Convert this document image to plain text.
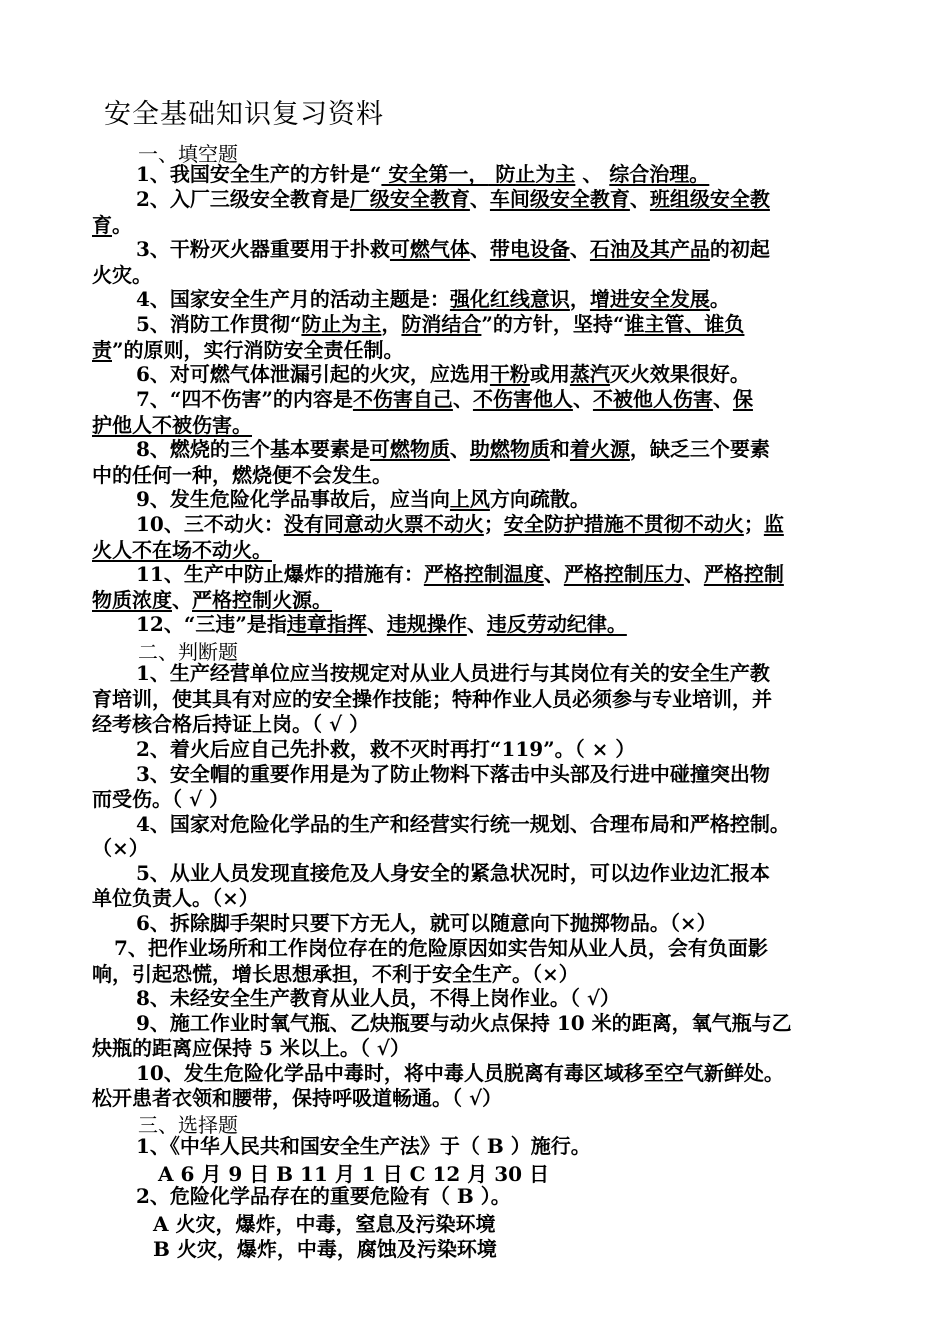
安全基础知识复习资料
一、填空题
1、我国安全生产的方针是“ 安全第一， 防止为主 、 综合治理。
2、入厂三级安全教育是厂级安全教育、车间级安全教育、班组级安全教
育。
3、干粉灭火器重要用于扑救可燃气体、带电设备、石油及其产品的初起
火灾。
4、国家安全生产月的活动主题是：强化红线意识，增进安全发展。
5、消防工作贯彻“防止为主，防消结合”的方针，坚持“谁主管、谁负
责”的原则，实行消防安全责任制。
6、对可燃气体泄漏引起的火灾，应选用干粉或用蒸汽灭火效果很好。
7、“四不伤害”的内容是不伤害自己、不伤害他人、不被他人伤害、保
护他人不被伤害。
8、燃烧的三个基本要素是可燃物质、助燃物质和着火源，缺乏三个要素
中的任何一种，燃烧便不会发生。
9、发生危险化学品事故后，应当向上风方向疏散。
10、三不动火：没有同意动火票不动火；安全防护措施不贯彻不动火；监
火人不在场不动火。
11、生产中防止爆炸的措施有：严格控制温度、严格控制压力、严格控制
物质浓度、严格控制火源。
12、“三违”是指违章指挥、违规操作、违反劳动纪律。
二、判断题
1、生产经营单位应当按规定对从业人员进行与其岗位有关的安全生产教
育培训，使其具有对应的安全操作技能；特种作业人员必须参与专业培训，并
经考核合格后持证上岗。（ √ ）
2、着火后应自己先扑救，救不灭时再打“119”。（ × ）
3、安全帽的重要作用是为了防止物料下落击中头部及行进中碰撞突出物
而受伤。（ √ ）
4、国家对危险化学品的生产和经营实行统一规划、合理布局和严格控制。
（×）
5、从业人员发现直接危及人身安全的紧急状况时，可以边作业边汇报本
单位负责人。（×）
6、拆除脚手架时只要下方无人，就可以随意向下抛掷物品。（×）
7、把作业场所和工作岗位存在的危险原因如实告知从业人员，会有负面影
响，引起恐慌，增长思想承担，不利于安全生产。（×）
8、未经安全生产教育从业人员，不得上岗作业。（ √）
9、施工作业时氧气瓶、乙炔瓶要与动火点保持 10 米的距离，氧气瓶与乙
炔瓶的距离应保持 5 米以上。（ √）
10、发生危险化学品中毒时，将中毒人员脱离有毒区域移至空气新鲜处。
松开患者衣领和腰带，保持呼吸道畅通。（ √）
三、选择题
1、《中华人民共和国安全生产法》于（ B ）施行。
A 6 月 9 日 B 11 月 1 日 C 12 月 30 日
2、危险化学品存在的重要危险有（ B ）。
A 火灾，爆炸，中毒，窒息及污染环境
B 火灾，爆炸，中毒，腐蚀及污染环境
